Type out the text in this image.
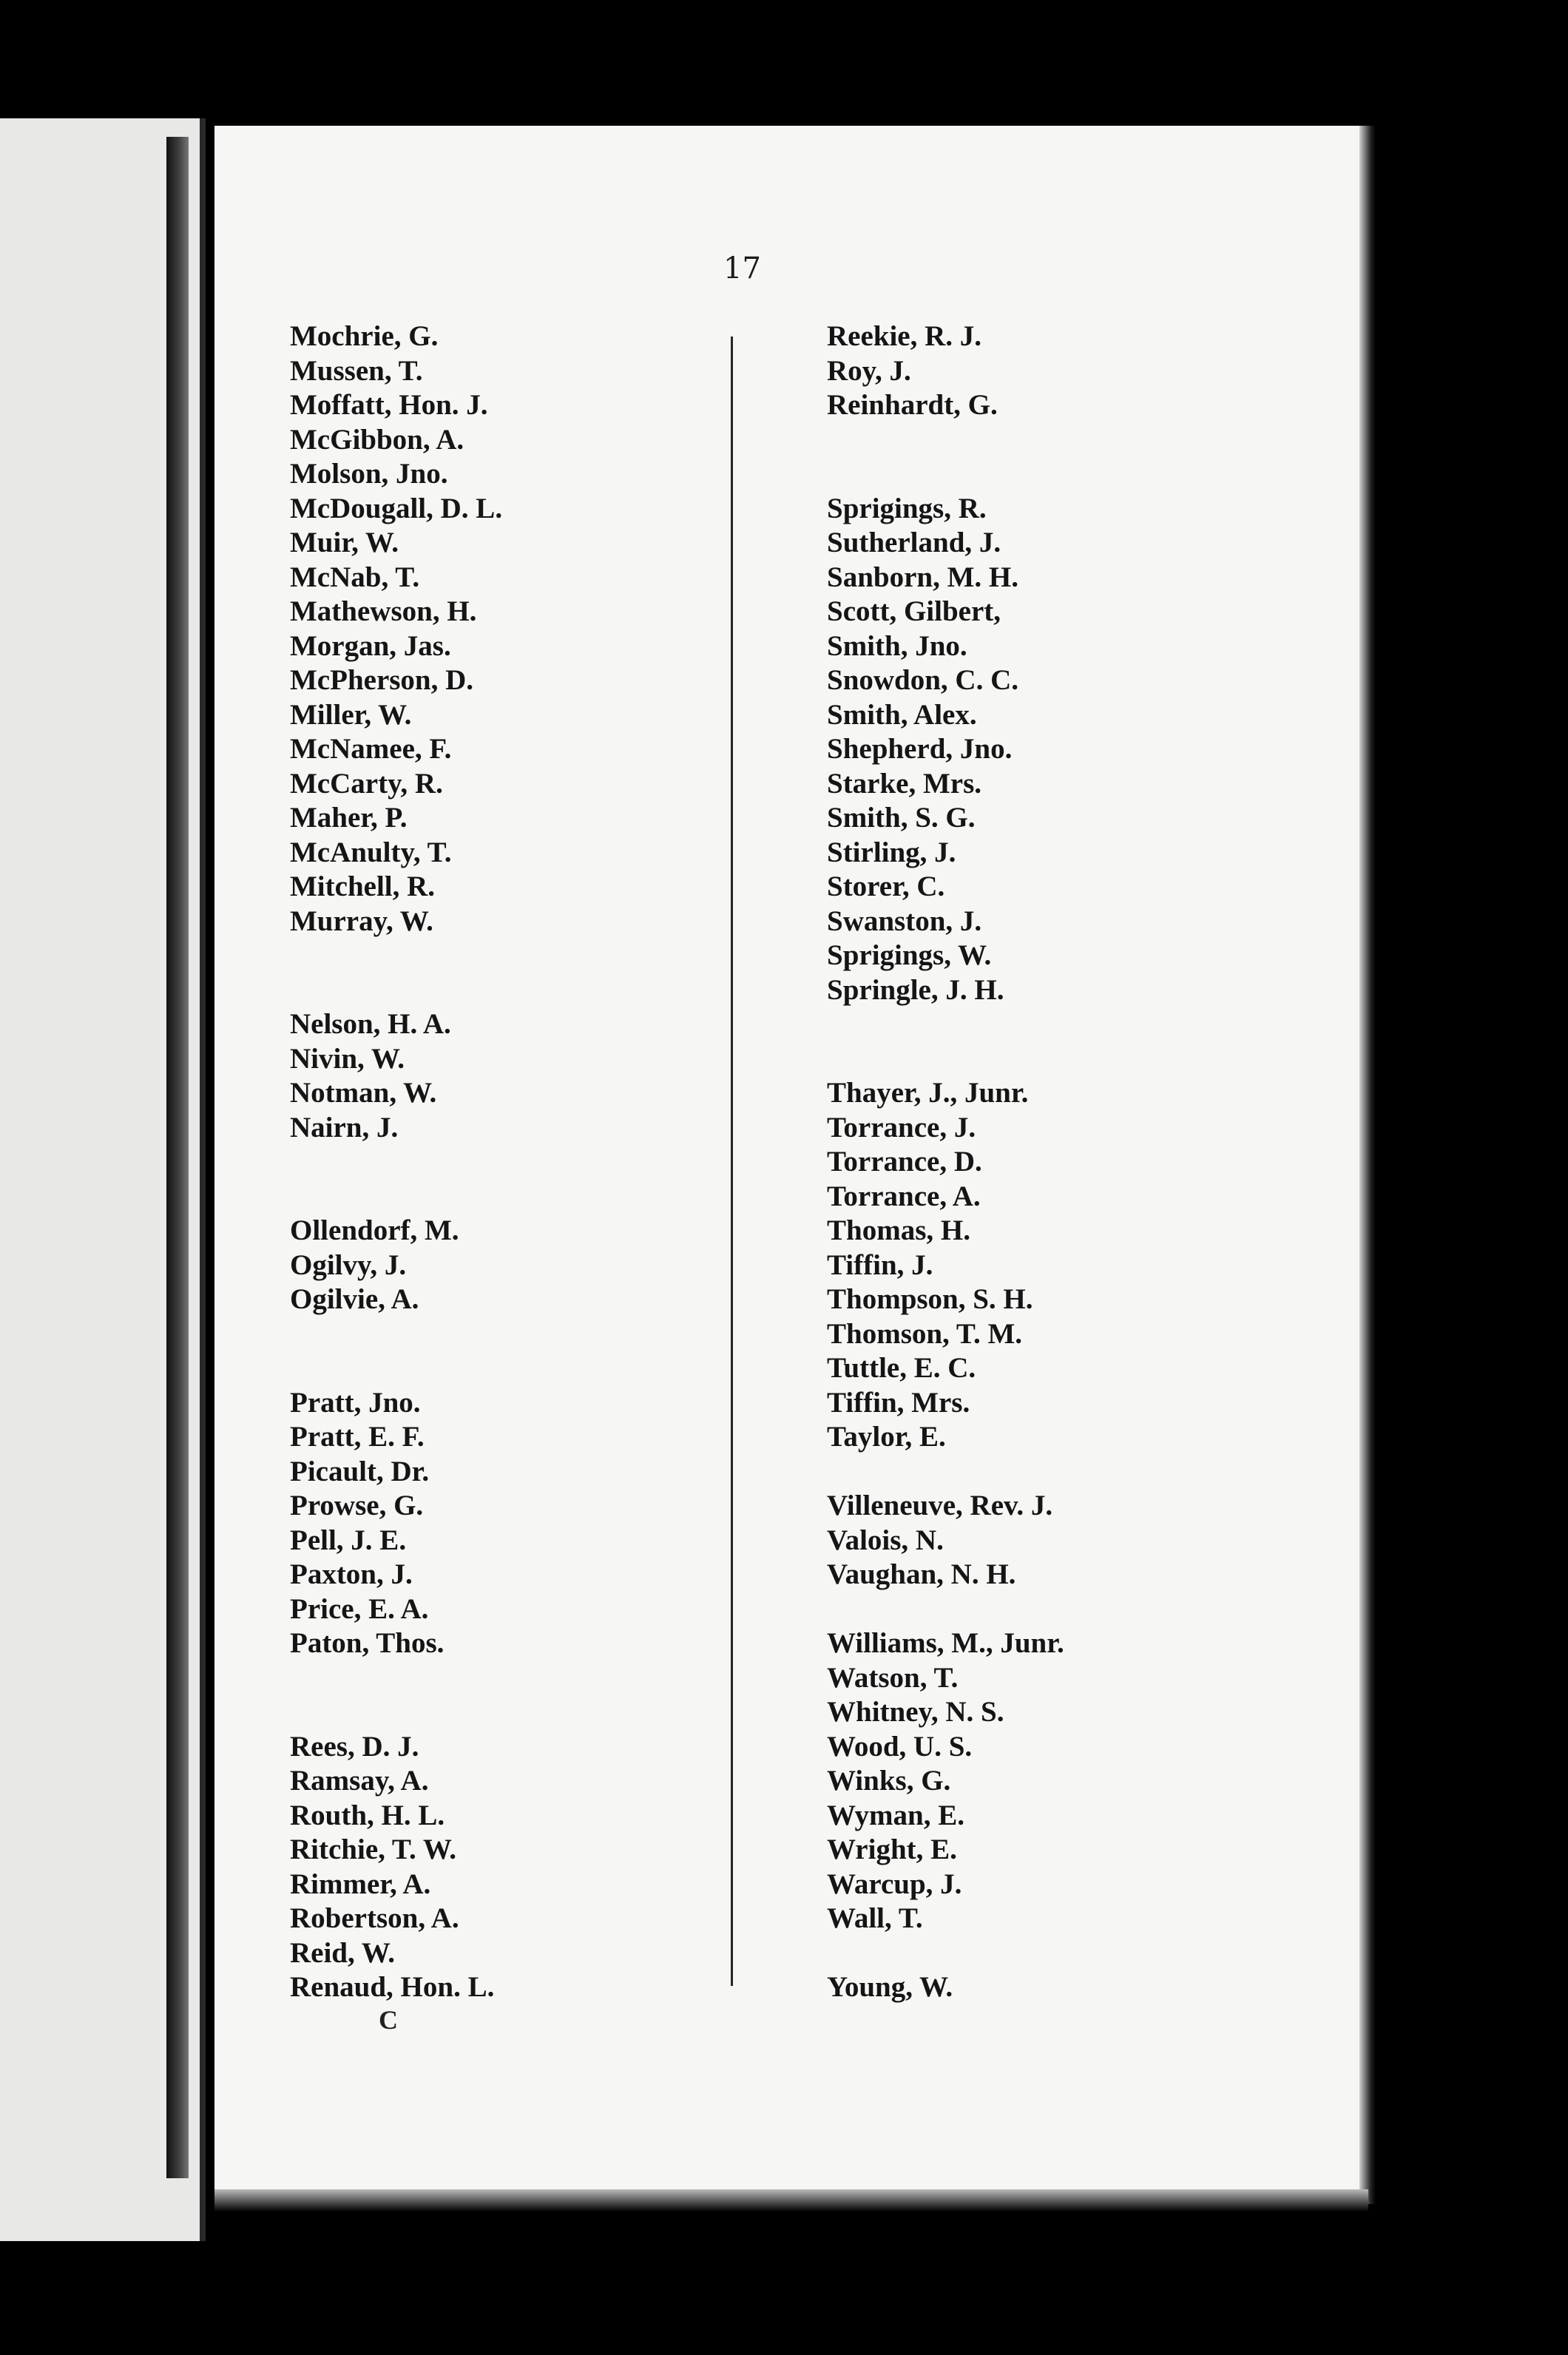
17
Mochrie, G.
Mussen, T.
Moffatt, Hon. J.
McGibbon, A.
Molson, Jno.
McDougall, D. L.
Muir, W.
McNab, T.
Mathewson, H.
Morgan, Jas.
McPherson, D.
Miller, W.
McNamee, F.
McCarty, R.
Maher, P.
McAnulty, T.
Mitchell, R.
Murray, W.
Nelson, H. A.
Nivin, W.
Notman, W.
Nairn, J.
Ollendorf, M.
Ogilvy, J.
Ogilvie, A.
Pratt, Jno.
Pratt, E. F.
Picault, Dr.
Prowse, G.
Pell, J. E.
Paxton, J.
Price, E. A.
Paton, Thos.
Rees, D. J.
Ramsay, A.
Routh, H. L.
Ritchie, T. W.
Rimmer, A.
Robertson, A.
Reid, W.
Renaud, Hon. L.
Reekie, R. J.
Roy, J.
Reinhardt, G.
Sprigings, R.
Sutherland, J.
Sanborn, M. H.
Scott, Gilbert,
Smith, Jno.
Snowdon, C. C.
Smith, Alex.
Shepherd, Jno.
Starke, Mrs.
Smith, S. G.
Stirling, J.
Storer, C.
Swanston, J.
Sprigings, W.
Springle, J. H.
Thayer, J., Junr.
Torrance, J.
Torrance, D.
Torrance, A.
Thomas, H.
Tiffin, J.
Thompson, S. H.
Thomson, T. M.
Tuttle, E. C.
Tiffin, Mrs.
Taylor, E.
Villeneuve, Rev. J.
Valois, N.
Vaughan, N. H.
Williams, M., Junr.
Watson, T.
Whitney, N. S.
Wood, U. S.
Winks, G.
Wyman, E.
Wright, E.
Warcup, J.
Wall, T.
Young, W.
C
